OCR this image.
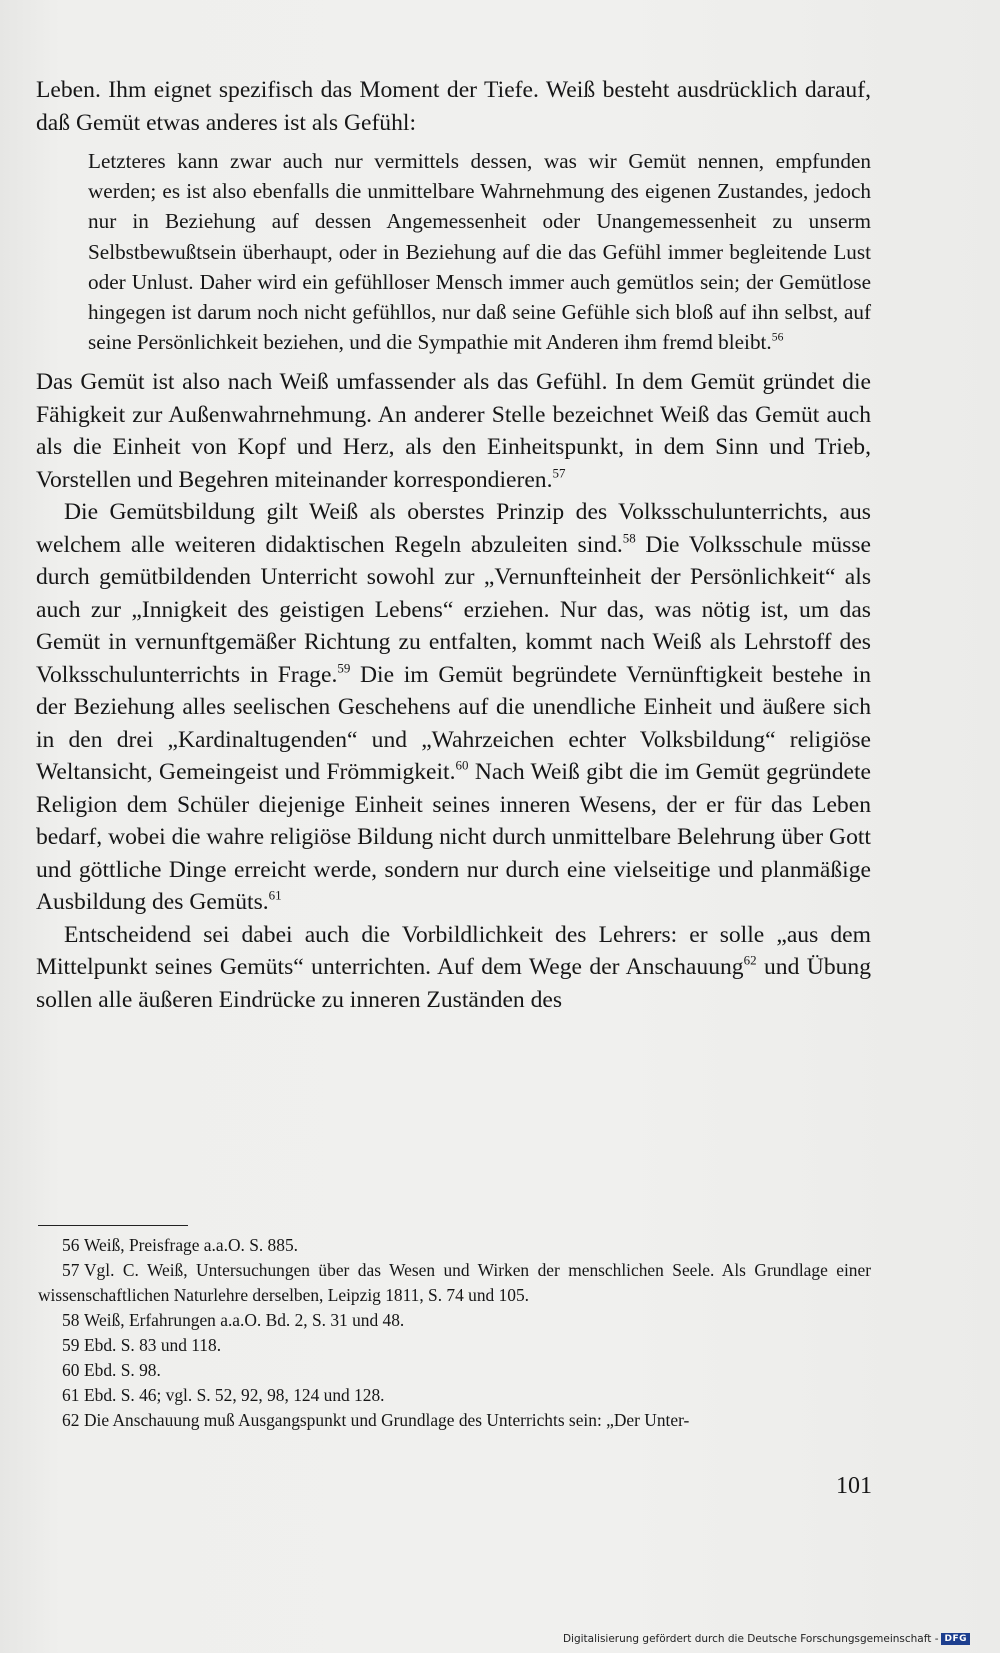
Leben. Ihm eignet spezifisch das Moment der Tiefe. Weiß besteht ausdrücklich darauf, daß Gemüt etwas anderes ist als Gefühl:

Letzteres kann zwar auch nur vermittels dessen, was wir Gemüt nennen, empfunden werden; es ist also ebenfalls die unmittelbare Wahrnehmung des eigenen Zustandes, jedoch nur in Beziehung auf dessen Angemessenheit oder Unangemessenheit zu unserm Selbstbewußtsein überhaupt, oder in Beziehung auf die das Gefühl immer begleitende Lust oder Unlust. Daher wird ein gefühlloser Mensch immer auch gemütlos sein; der Gemütlose hingegen ist darum noch nicht gefühllos, nur daß seine Gefühle sich bloß auf ihn selbst, auf seine Persönlichkeit beziehen, und die Sympathie mit Anderen ihm fremd bleibt.$^{56}$

Das Gemüt ist also nach Weiß umfassender als das Gefühl. In dem Gemüt gründet die Fähigkeit zur Außenwahrnehmung. An anderer Stelle bezeichnet Weiß das Gemüt auch als die Einheit von Kopf und Herz, als den Einheitspunkt, in dem Sinn und Trieb, Vorstellen und Begehren miteinander korrespondieren.$^{57}$

Die Gemütsbildung gilt Weiß als oberstes Prinzip des Volksschulunterrichts, aus welchem alle weiteren didaktischen Regeln abzuleiten sind.$^{58}$ Die Volksschule müsse durch gemütbildenden Unterricht sowohl zur „Vernunfteinheit der Persönlichkeit“ als auch zur „Innigkeit des geistigen Lebens“ erziehen. Nur das, was nötig ist, um das Gemüt in vernunftgemäßer Richtung zu entfalten, kommt nach Weiß als Lehrstoff des Volksschulunterrichts in Frage.$^{59}$ Die im Gemüt begründete Vernünftigkeit bestehe in der Beziehung alles seelischen Geschehens auf die unendliche Einheit und äußere sich in den drei „Kardinaltugenden“ und „Wahrzeichen echter Volksbildung“ religiöse Weltansicht, Gemeingeist und Frömmigkeit.$^{60}$ Nach Weiß gibt die im Gemüt gegründete Religion dem Schüler diejenige Einheit seines inneren Wesens, der er für das Leben bedarf, wobei die wahre religiöse Bildung nicht durch unmittelbare Belehrung über Gott und göttliche Dinge erreicht werde, sondern nur durch eine vielseitige und planmäßige Ausbildung des Gemüts.$^{61}$

Entscheidend sei dabei auch die Vorbildlichkeit des Lehrers: er solle „aus dem Mittelpunkt seines Gemüts“ unterrichten. Auf dem Wege der Anschauung$^{62}$ und Übung sollen alle äußeren Eindrücke zu inneren Zuständen des

56 Weiß, Preisfrage a.a.O. S. 885.
57 Vgl. C. Weiß, Untersuchungen über das Wesen und Wirken der menschlichen Seele. Als Grundlage einer wissenschaftlichen Naturlehre derselben, Leipzig 1811, S. 74 und 105.
58 Weiß, Erfahrungen a.a.O. Bd. 2, S. 31 und 48.
59 Ebd. S. 83 und 118.
60 Ebd. S. 98.
61 Ebd. S. 46; vgl. S. 52, 92, 98, 124 und 128.
62 Die Anschauung muß Ausgangspunkt und Grundlage des Unterrichts sein: „Der Unter-
101
Digitalisierung gefördert durch die Deutsche Forschungsgemeinschaft - DFG
